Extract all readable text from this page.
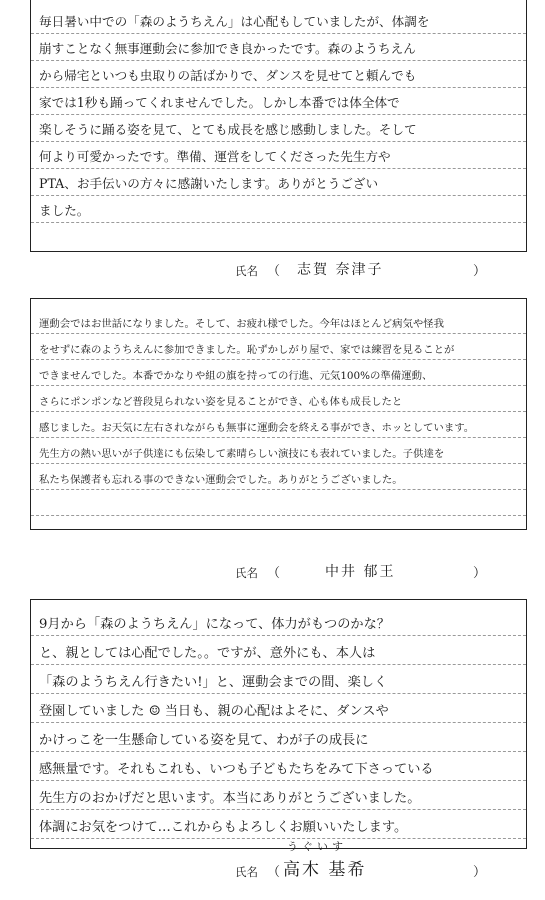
毎日暑い中での「森のようちえん」は心配もしていましたが、体調を
崩すことなく無事運動会に参加でき良かったです。森のようちえん
から帰宅といつも虫取りの話ばかりで、ダンスを見せてと頼んでも
家では1秒も踊ってくれませんでした。しかし本番では体全体で
楽しそうに踊る姿を見て、とても成長を感じ感動しました。そして
何より可愛かったです。準備、運営をしてくださった先生方や
PTA、お手伝いの方々に感謝いたします。ありがとうござい
ました。
氏名 （ 志賀 奈津子	）
運動会ではお世話になりました。そして、お疲れ様でした。今年はほとんど病気や怪我
をせずに森のようちえんに参加できました。恥ずかしがり屋で、家では練習を見ることが
できませんでした。本番でかなりや組の旗を持っての行進、元気100%の準備運動、
さらにポンポンなど普段見られない姿を見ることができ、心も体も成長したと
感じました。お天気に左右されながらも無事に運動会を終える事ができ、ホッとしています。
先生方の熱い思いが子供達にも伝染して素晴らしい演技にも表れていました。子供達を
私たち保護者も忘れる事のできない運動会でした。ありがとうございました。
氏名 （	中井 郁王	）
9月から「森のようちえん」になって、体力がもつのかな？
と、親としては心配でした。。ですが、意外にも、本人は
「森のようちえん行きたい!」と、運動会までの間、楽しく
登園していました ☺ 当日も、親の心配はよそに、ダンスや
かけっこを一生懸命している姿を見て、わが子の成長に
感無量です。それもこれも、いつも子どもたちをみて下さっている
先生方のおかげだと思います。本当にありがとうございました。
体調にお気をつけて…これからもよろしくお願いいたします。
氏名 （
うぐいす
高木 基希	）
